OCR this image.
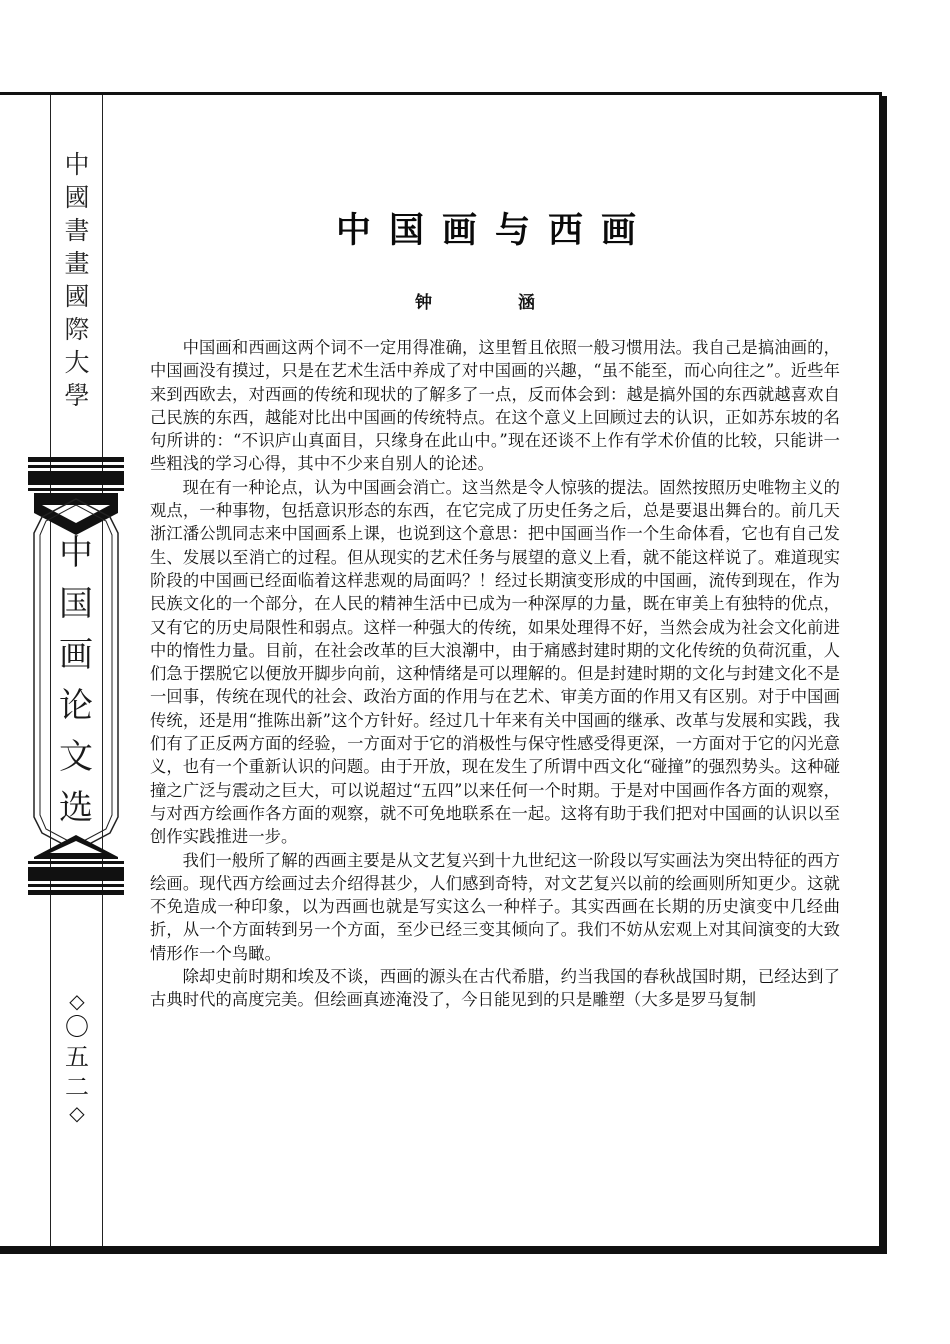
中
國
書
畫
國
際
大
學
中
国
画
论
文
选
◇
〇
五
二
◇
中国画与西画
钟 涵

中国画和西画这两个词不一定用得准确，这里暂且依照一般习惯用法。我自己是搞油画的，中国画没有摸过，只是在艺术生活中养成了对中国画的兴趣，“虽不能至，而心向往之”。近些年来到西欧去，对西画的传统和现状的了解多了一点，反而体会到：越是搞外国的东西就越喜欢自己民族的东西，越能对比出中国画的传统特点。在这个意义上回顾过去的认识，正如苏东坡的名句所讲的：“不识庐山真面目，只缘身在此山中。”现在还谈不上作有学术价值的比较，只能讲一些粗浅的学习心得，其中不少来自别人的论述。

现在有一种论点，认为中国画会消亡。这当然是令人惊骇的提法。固然按照历史唯物主义的观点，一种事物，包括意识形态的东西，在它完成了历史任务之后，总是要退出舞台的。前几天浙江潘公凯同志来中国画系上课，也说到这个意思：把中国画当作一个生命体看，它也有自己发生、发展以至消亡的过程。但从现实的艺术任务与展望的意义上看，就不能这样说了。难道现实阶段的中国画已经面临着这样悲观的局面吗？！经过长期演变形成的中国画，流传到现在，作为民族文化的一个部分，在人民的精神生活中已成为一种深厚的力量，既在审美上有独特的优点，又有它的历史局限性和弱点。这样一种强大的传统，如果处理得不好，当然会成为社会文化前进中的惰性力量。目前，在社会改革的巨大浪潮中，由于痛感封建时期的文化传统的负荷沉重，人们急于摆脱它以便放开脚步向前，这种情绪是可以理解的。但是封建时期的文化与封建文化不是一回事，传统在现代的社会、政治方面的作用与在艺术、审美方面的作用又有区别。对于中国画传统，还是用“推陈出新”这个方针好。经过几十年来有关中国画的继承、改革与发展和实践，我们有了正反两方面的经验，一方面对于它的消极性与保守性感受得更深，一方面对于它的闪光意义，也有一个重新认识的问题。由于开放，现在发生了所谓中西文化“碰撞”的强烈势头。这种碰撞之广泛与震动之巨大，可以说超过“五四”以来任何一个时期。于是对中国画作各方面的观察，与对西方绘画作各方面的观察，就不可免地联系在一起。这将有助于我们把对中国画的认识以至创作实践推进一步。

我们一般所了解的西画主要是从文艺复兴到十九世纪这一阶段以写实画法为突出特征的西方绘画。现代西方绘画过去介绍得甚少，人们感到奇特，对文艺复兴以前的绘画则所知更少。这就不免造成一种印象，以为西画也就是写实这么一种样子。其实西画在长期的历史演变中几经曲折，从一个方面转到另一个方面，至少已经三变其倾向了。我们不妨从宏观上对其间演变的大致情形作一个鸟瞰。

除却史前时期和埃及不谈，西画的源头在古代希腊，约当我国的春秋战国时期，已经达到了古典时代的高度完美。但绘画真迹淹没了，今日能见到的只是雕塑（大多是罗马复制
